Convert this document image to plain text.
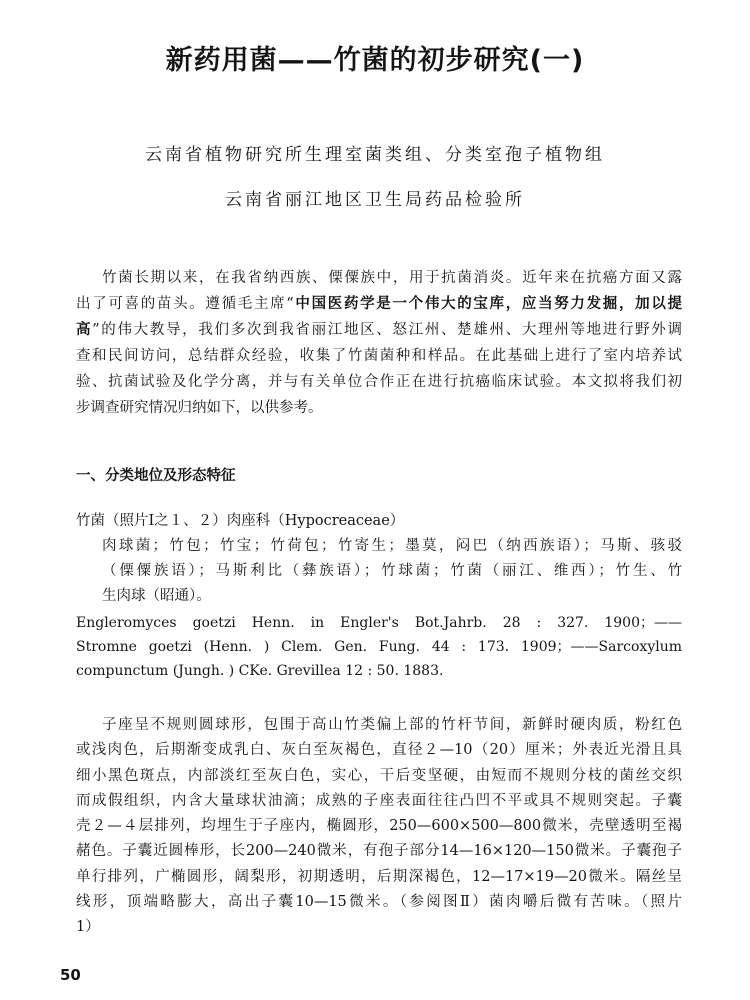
新药用菌——竹菌的初步研究(一)
云南省植物研究所生理室菌类组、分类室孢子植物组
云南省丽江地区卫生局药品检验所
竹菌长期以来，在我省纳西族、傈僳族中，用于抗菌消炎。近年来在抗癌方面又露
出了可喜的苗头。遵循毛主席“中国医药学是一个伟大的宝库，应当努力发掘，加以提
高”的伟大教导，我们多次到我省丽江地区、怒江州、楚雄州、大理州等地进行野外调
查和民间访问，总结群众经验，收集了竹菌菌种和样品。在此基础上进行了室内培养试
验、抗菌试验及化学分离，并与有关单位合作正在进行抗癌临床试验。本文拟将我们初
步调查研究情况归纳如下，以供参考。
一、分类地位及形态特征
竹菌（照片Ⅰ之１、２）肉座科（Hypocreaceae）
肉球菌；竹包；竹宝；竹荷包；竹寄生；墨莫，闷巴（纳西族语）；马斯、骇驳
（傈僳族语）；马斯利比（彝族语）；竹球菌；竹菌（丽江、维西）；竹生、竹
生肉球（昭通）。
Engleromyces goetzi Henn. in Engler's Bot.Jahrb. 28 : 327. 1900；——
Stromne goetzi (Henn. ) Clem. Gen. Fung. 44 : 173. 1909；——Sarcoxylum
compunctum (Jungh. ) CKe. Grevillea 12 : 50. 1883.
子座呈不规则圆球形，包围于高山竹类偏上部的竹杆节间，新鲜时硬肉质，粉红色
或浅肉色，后期渐变成乳白、灰白至灰褐色，直径２—10（20）厘米；外表近光滑且具
细小黑色斑点，内部淡红至灰白色，实心，干后变坚硬，由短而不规则分枝的菌丝交织
而成假组织，内含大量球状油滴；成熟的子座表面往往凸凹不平或具不规则突起。子囊
壳２—４层排列，均埋生于子座内，椭圆形，250—600×500—800微米，壳壁透明至褐
赭色。子囊近圆棒形，长200—240微米，有孢子部分14—16×120—150微米。子囊孢子
单行排列，广椭圆形，阔梨形，初期透明，后期深褐色，12—17×19—20微米。隔丝呈
线形，顶端略膨大，高出子囊10—15微米。（参阅图Ⅱ）菌肉嚼后微有苦味。（照片
1）
50
